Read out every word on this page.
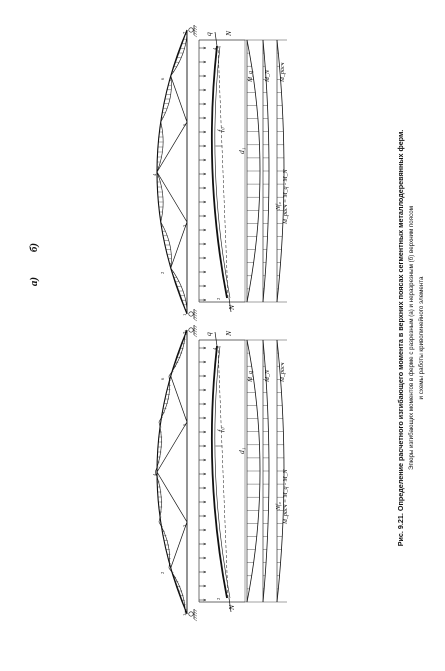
а)
1
2
3
4
5
6
7 q N
N
f₀
d₁
4
2
M_q M_N M_расч
Nf₀ M_расч = M_q - M_N
б)
1
2
3
4
5
6
7 q N
N
f₀
d₁
4
2
M_q M_N M_расч
Nf₀ M_расч = M_q - M_N	Рис. 9.21. Определение расчетного изгибающего момента в верхних поясах сегментных металлодеревянных ферм. Эпюры изгибающих моментов в ферме с разрезным (а) и неразрезным (б) верхним поясом и схемы работы криволинейного элемента
